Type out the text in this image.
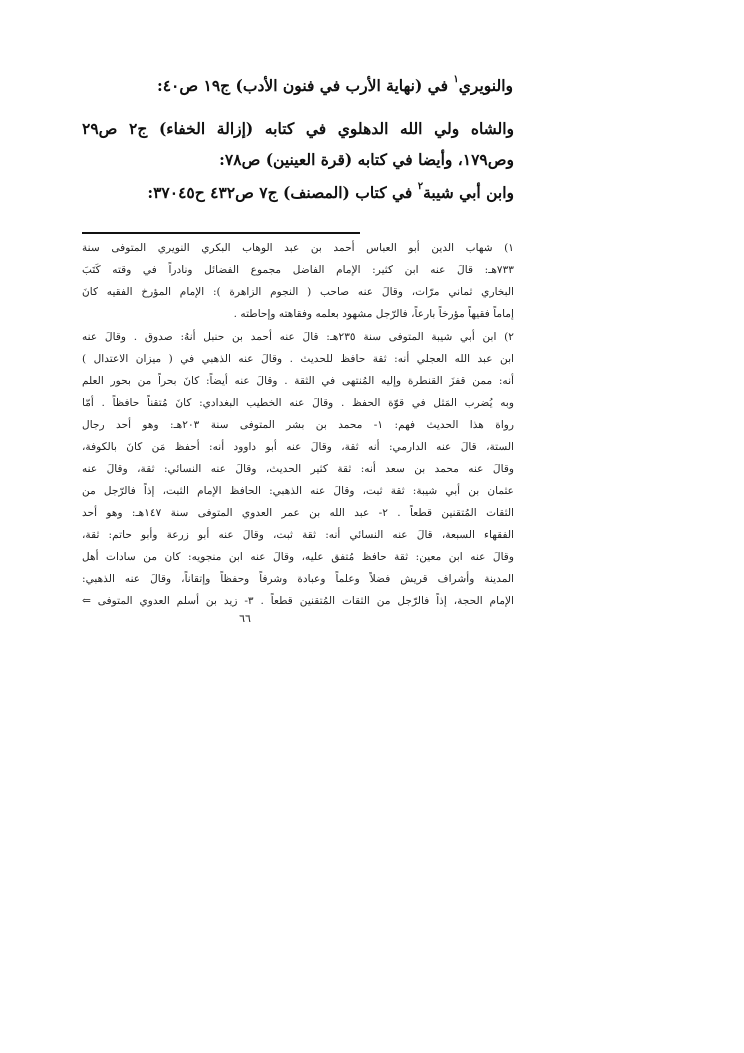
والنويري$^١$ في (نهاية الأرب في فنون الأدب) ج١٩ ص٤٠:
والشاه ولي الله الدهلوي في كتابه (إزالة الخفاء) ج٢ ص٢٩
وص١٧٩، وأيضا في كتابه (قرة العينين) ص٧٨:
وابن أبي شيبة$^٢$ في كتاب (المصنف) ج٧ ص٤٣٢ ح٣٧٠٤٥:
١) شهاب الدين أبو العباس أحمد بن عبد الوهاب البكري النويري المتوفى سنة
٧٣٣هـ: قالَ عنه ابن كثير: الإمام الفاضل مجموع الفضائل ونادراً في وقته كَتَبَ
البخاري ثماني مرّات، وقالَ عنه صاحب ( النجوم الزاهرة ): الإمام المؤرخ الفقيه كانَ
إماماً فقيهاً مؤرخاً بارعاً، فالرّجل مشهود بعلمه وفقاهته وإحاطته .
٢) ابن أبي شيبة المتوفى سنة ٢٣٥هـ: قالَ عنه أحمد بن حنبل أنهُ: صدوق . وقالَ عنه
ابن عبد الله العجلي أنه: ثقة حافظ للحديث . وقالَ عنه الذهبي في ( ميزان الاعتدال )
أنه: ممن قفزَ القنطرة وإليه المُنتهى في الثقة . وقالَ عنه أيضاً: كانَ بحراً من بحور العلم
وبه يُضرب المَثل في قوّة الحفظ . وقالَ عنه الخطيب البغدادي: كانَ مُتقناً حافظاً . أمّا
رواة هذا الحديث فهم: ١- محمد بن بشر المتوفى سنة ٢٠٣هـ: وهو أحد رجال
الستة، قالَ عنه الدارمي: أنه ثقة، وقالَ عنه أبو داوود أنه: أحفظ مَن كانَ بالكوفة،
وقالَ عنه محمد بن سعد أنه: ثقة كثير الحديث، وقالَ عنه النسائي: ثقة، وقالَ عنه
عثمان بن أبي شيبة: ثقة ثبت، وقالَ عنه الذهبي: الحافظ الإمام الثبت، إذاً فالرّجل من
الثقات المُتقنين قطعاً . ٢- عبد الله بن عمر العدوي المتوفى سنة ١٤٧هـ: وهو أحد
الفقهاء السبعة، قالَ عنه النسائي أنه: ثقة ثبت، وقالَ عنه أبو زرعة وأبو حاتم: ثقة،
وقالَ عنه ابن معين: ثقة حافظ مُتفق عليه، وقالَ عنه ابن منجويه: كان من سادات أهل
المدينة وأشراف قريش فضلاً وعلماً وعبادة وشرفاً وحفظاً وإتقاناً، وقالَ عنه الذهبي:
الإمام الحجة، إذاً فالرّجل من الثقات المُتقنين قطعاً . ٣- زيد بن أسلم العدوي المتوفى ⇐
٦٦
